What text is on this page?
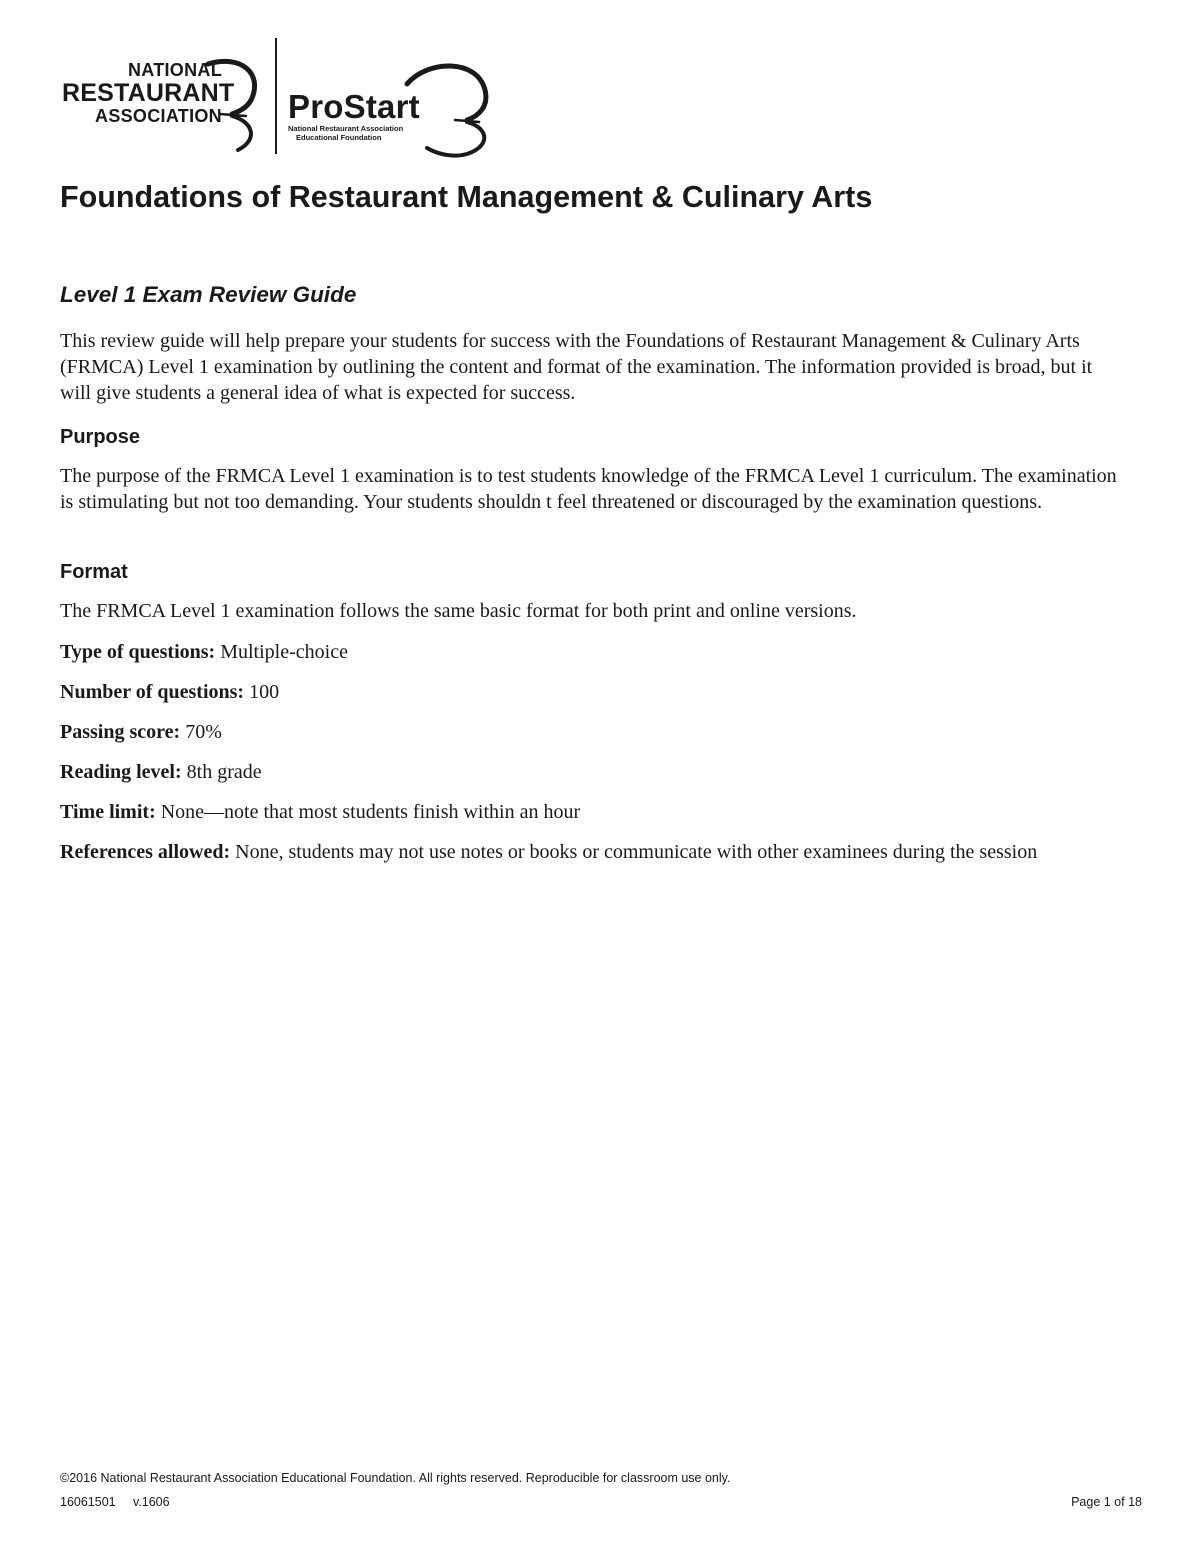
NATIONAL
RESTAURANT
ASSOCIATION ProStart
National Restaurant Association
Educational Foundation
Foundations of Restaurant Management & Culinary Arts
Level 1 Exam Review Guide
This review guide will help prepare your students for success with the Foundations of Restaurant Management & Culinary Arts (FRMCA) Level 1 examination by outlining the content and format of the examination. The information provided is broad, but it will give students a general idea of what is expected for success.
Purpose
The purpose of the FRMCA Level 1 examination is to test students knowledge of the FRMCA Level 1 curriculum. The examination is stimulating but not too demanding. Your students shouldn t feel threatened or discouraged by the examination questions.
Format
The FRMCA Level 1 examination follows the same basic format for both print and online versions.
Type of questions: Multiple-choice
Number of questions: 100
Passing score: 70%
Reading level: 8th grade
Time limit: None—note that most students finish within an hour
References allowed: None, students may not use notes or books or communicate with other examinees during the session
©2016 National Restaurant Association Educational Foundation. All rights reserved. Reproducible for classroom use only.
16061501     v.1606	Page 1 of 18
